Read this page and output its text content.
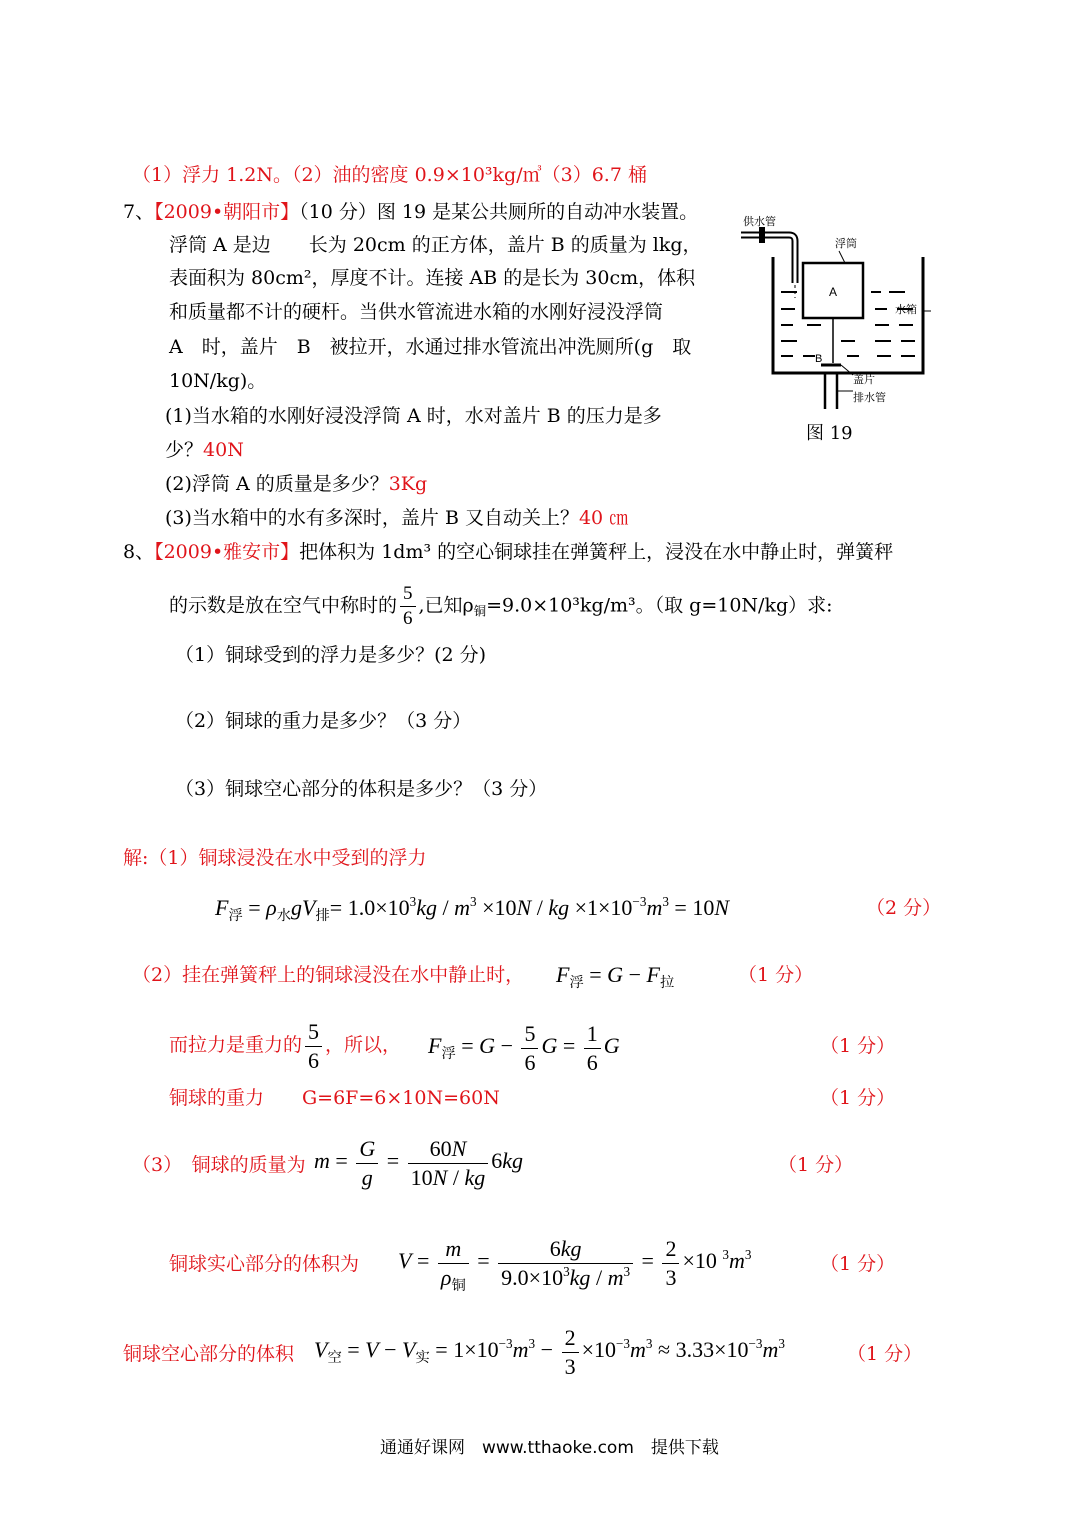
（1）浮力 1.2N。（2）油的密度 0.9×10³kg/㎥（3）6.7 桶
7、【2009•朝阳市】（10 分）图 19 是某公共厕所的自动冲水装置。
浮筒 A 是边　　长为 20cm 的正方体，盖片 B 的质量为 lkg，
表面积为 80cm²，厚度不计。连接 AB 的是长为 30cm，体积
和质量都不计的硬杆。当供水管流进水箱的水刚好浸没浮筒
A　时，盖片　B　被拉开，水通过排水管流出冲洗厕所(g　取
10N/kg)。
(1)当水箱的水刚好浸没浮筒 A 时，水对盖片 B 的压力是多
少？40N
(2)浮筒 A 的质量是多少？3Kg
(3)当水箱中的水有多深时，盖片 B 又自动关上？40 ㎝
A
B
供水管
浮筒
盖片
排水管
水箱
图 19
8、【2009•雅安市】把体积为 1dm³ 的空心铜球挂在弹簧秤上，浸没在水中静止时，弹簧秤
的示数是放在空气中称时的 $\frac{5}{6}$ ,已知$\rho_铜=9.0\times 10^3kg/m^3$。（取 g=10N/kg）求:
（1）铜球受到的浮力是多少？(2 分)
（2）铜球的重力是多少？（3 分）
（3）铜球空心部分的体积是多少？（3 分）
解:（1）铜球浸没在水中受到的浮力
$F_浮 = \rho_水gV_排= 1.0\times 10^3kg / m^3 \times 10N$ / kg $\times 1\times 10^{-3}m^3 = 10N$	（2 分）
（2）挂在弹簧秤上的铜球浸没在水中静止时， $F_浮 = G - F_拉$	（1 分）
而拉力是重力的 $\frac{5}{6}$ ，所以， $F_浮 = G - \frac{5}{6}$ $G = \frac{1}{6}$ G	（1 分）
铜球的重力　　G=6F=6×10N=60N	（1 分）
（3）　铜球的质量为 $m = \frac{G}{g} = \frac{60N}{10N / kg} 6kg$	（1 分）
铜球实心部分的体积为 $V = \frac{m}{\rho_铜} = \frac{6kg}{9.0\times 10^3kg / m^3} = \frac{2}{3} \times 10$ $^3m^3$	（1 分）
铜球空心部分的体积 $V_空 = V - V_实 = 1\times 10^{-3}m^3 - \frac{2}{3} \times 10^{-3}m^3 \approx 3.33\times 10^{-3}m^3$	（1 分）
通通好课网　www.tthaoke.com　提供下载
